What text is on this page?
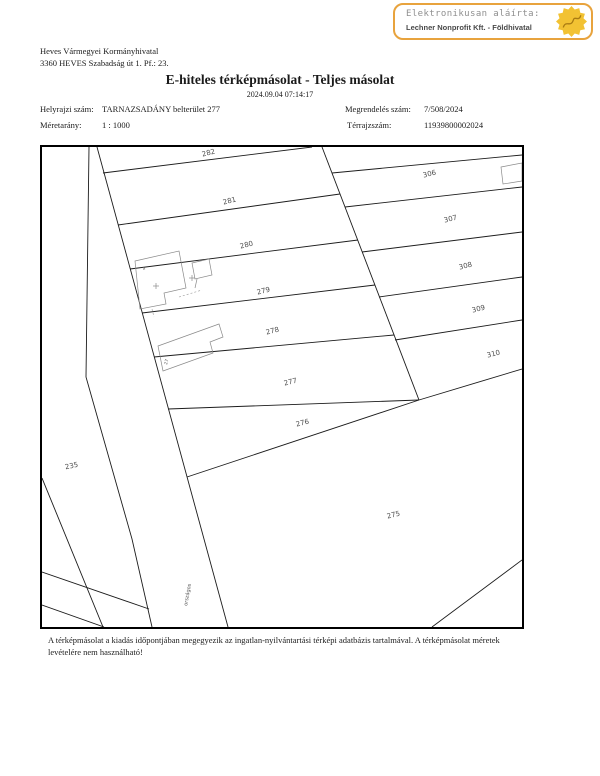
Elektronikusan aláírta:
Lechner Nonprofit Kft. - Földhivatal
Heves Vármegyei Kormányhivatal
3360 HEVES Szabadság út 1. Pf.: 23.
E-hiteles térképmásolat - Teljes másolat
2024.09.04 07:14:17
Helyrajzi szám: TARNAZSADÁNY belterület 277
Méretarány: 1 : 1000
Megrendelés szám: 7/508/2024
Térrajzszám:	11939800002024
282
281
280
279
278
277
276
275
306
307
308
309
310
235
a
27
országos
A térképmásolat a kiadás időpontjában megegyezik az ingatlan-nyilvántartási térképi adatbázis tartalmával. A térképmásolat méretek levételére nem használható!
